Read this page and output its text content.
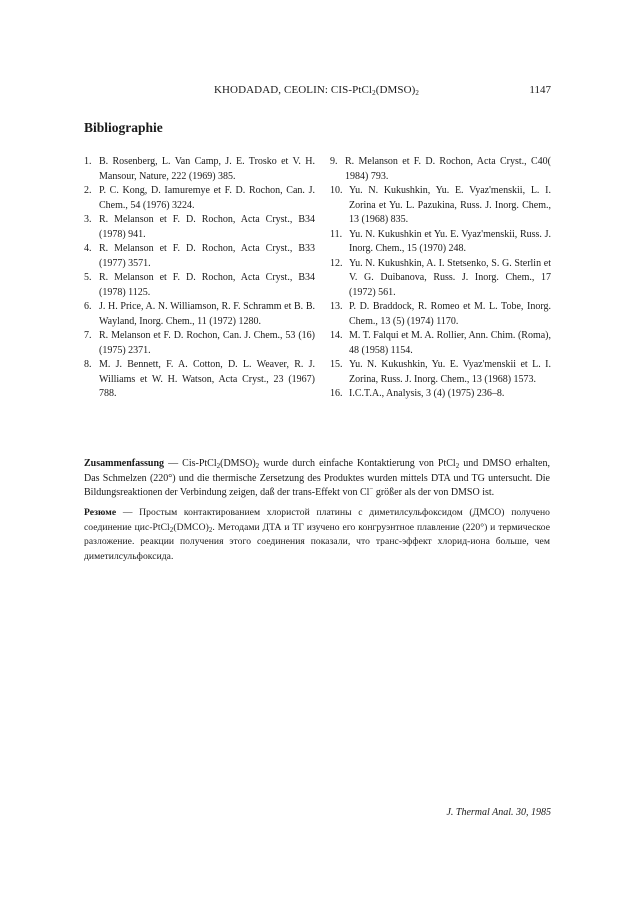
KHODADAD, CEOLIN: CIS-$PtCl_2(DMSO)_2$	1147
Bibliographie
1. B. Rosenberg, L. Van Camp, J. E. Trosko et V. H. Mansour, Nature, 222 (1969) 385.
2. P. C. Kong, D. Iamuremye et F. D. Rochon, Can. J. Chem., 54 (1976) 3224.
3. R. Melanson et F. D. Rochon, Acta Cryst., B34 (1978) 941.
4. R. Melanson et F. D. Rochon, Acta Cryst., B33 (1977) 3571.
5. R. Melanson et F. D. Rochon, Acta Cryst., B34 (1978) 1125.
6. J. H. Price, A. N. Williamson, R. F. Schramm et B. B. Wayland, Inorg. Chem., 11 (1972) 1280.
7. R. Melanson et F. D. Rochon, Can. J. Chem., 53 (16) (1975) 2371.
8. M. J. Bennett, F. A. Cotton, D. L. Weaver, R. J. Williams et W. H. Watson, Acta Cryst., 23 (1967) 788.
9. R. Melanson et F. D. Rochon, Acta Cryst., C40( 1984) 793.
10. Yu. N. Kukushkin, Yu. E. Vyaz'menskii, L. I. Zorina et Yu. L. Pazukina, Russ. J. Inorg. Chem., 13 (1968) 835.
11. Yu. N. Kukushkin et Yu. E. Vyaz'menskii, Russ. J. Inorg. Chem., 15 (1970) 248.
12. Yu. N. Kukushkin, A. I. Stetsenko, S. G. Sterlin et V. G. Duibanova, Russ. J. Inorg. Chem., 17 (1972) 561.
13. P. D. Braddock, R. Romeo et M. L. Tobe, Inorg. Chem., 13 (5) (1974) 1170.
14. M. T. Falqui et M. A. Rollier, Ann. Chim. (Roma), 48 (1958) 1154.
15. Yu. N. Kukushkin, Yu. E. Vyaz'menskii et L. I. Zorina, Russ. J. Inorg. Chem., 13 (1968) 1573.
16. I.C.T.A., Analysis, 3 (4) (1975) 236–8.

Zusammenfassung — Cis-$PtCl_2(DMSO)_2$ wurde durch einfache Kontaktierung von PtCl$_2$ und DMSO erhalten, Das Schmelzen (220°) und die thermische Zersetzung des Produktes wurden mittels DTA und TG untersucht. Die Bildungsreaktionen der Verbindung zeigen, daß der trans-Effekt von Cl− größer als der von DMSO ist.

Резюме — Простым контактированием хлористой платины с диметилсульфоксидом (ДМСО) получено соединение цис-$PtCl_2(DMCO)_2$. Методами ДТА и ТГ изучено его конгруэнтное плавление (220°) и термическое разложение. реакции получения этого соединения показали, что транс-эффект хлорид-иона больше, чем диметилсульфоксида.

J. Thermal Anal. 30, 1985
